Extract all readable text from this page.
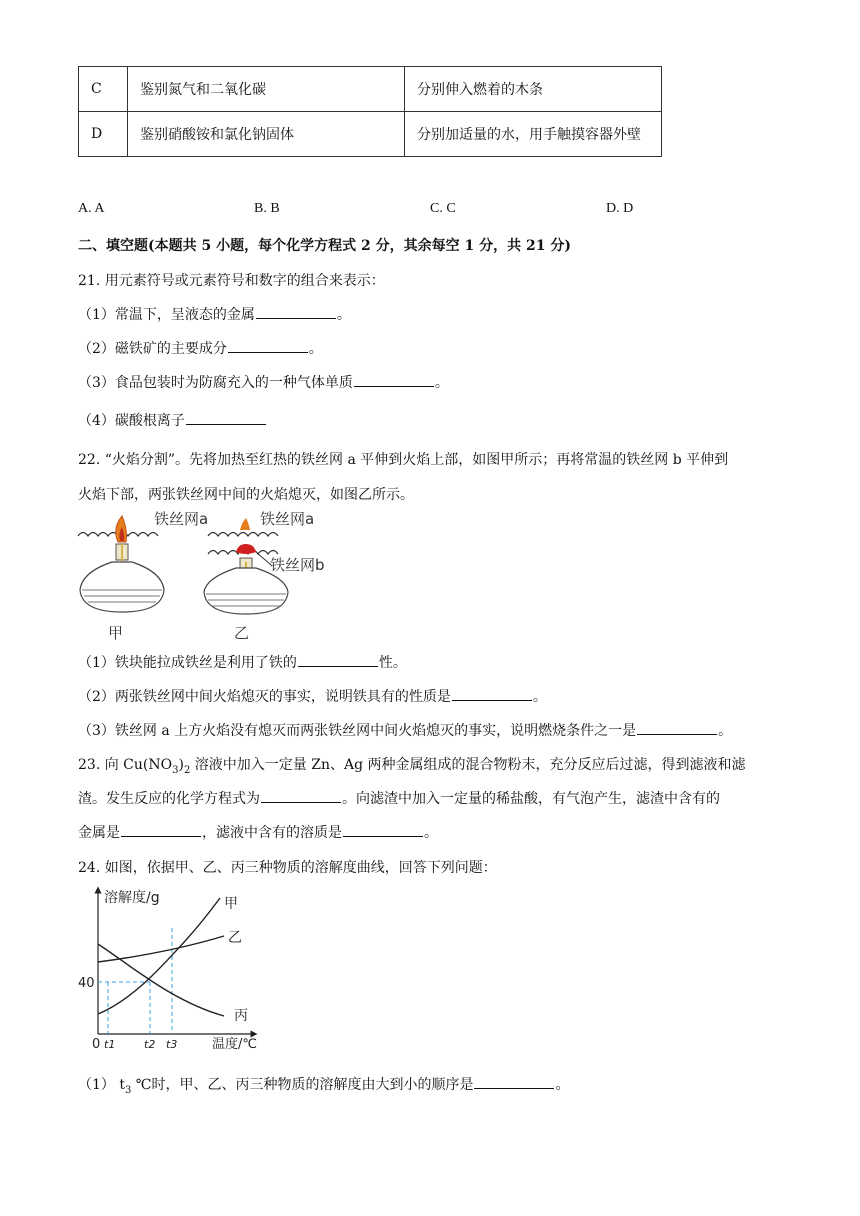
C	鉴别氮气和二氧化碳	分别伸入燃着的木条
D	鉴别硝酸铵和氯化钠固体	分别加适量的水，用手触摸容器外壁
A. A	B. B	C. C	D. D
二、填空题(本题共 5 小题，每个化学方程式 2 分，其余每空 1 分，共 21 分)
21. 用元素符号或元素符号和数字的组合来表示：
（1）常温下，呈液态的金属	。
（2）磁铁矿的主要成分	。
（3）食品包装时为防腐充入的一种气体单质	。
（4）碳酸根离子
22. “火焰分割”。先将加热至红热的铁丝网 a 平伸到火焰上部，如图甲所示；再将常温的铁丝网 b 平伸到
火焰下部，两张铁丝网中间的火焰熄灭，如图乙所示。
铁丝网a
甲
铁丝网a
铁丝网b
乙
（1）铁块能拉成铁丝是利用了铁的	性。
（2）两张铁丝网中间火焰熄灭的事实，说明铁具有的性质是	。
（3）铁丝网 a 上方火焰没有熄灭而两张铁丝网中间火焰熄灭的事实，说明燃烧条件之一是	。
23. 向 $Cu(NO_3)_2$ 溶液中加入一定量 Zn、Ag 两种金属组成的混合物粉末，充分反应后过滤，得到滤液和滤
渣。发生反应的化学方程式为	。向滤渣中加入一定量的稀盐酸，有气泡产生，滤渣中含有的
金属是	，滤液中含有的溶质是	。
24. 如图，依据甲、乙、丙三种物质的溶解度曲线，回答下列问题：
溶解度/g
温度/℃
40
0 t1	t2 t3
甲
乙
丙
（1） $t_3$ ℃时，甲、乙、丙三种物质的溶解度由大到小的顺序是	。
